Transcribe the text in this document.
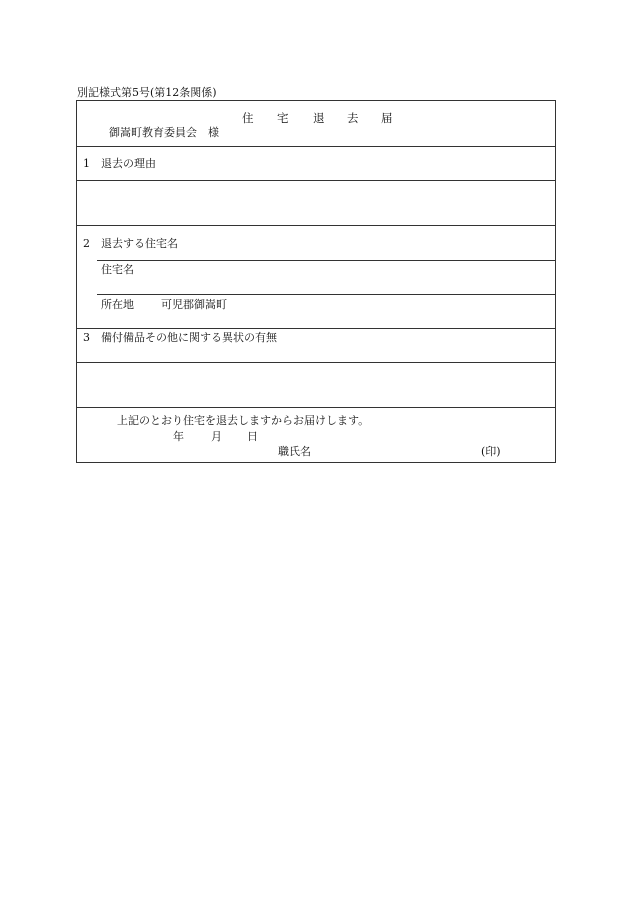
別記様式第5号(第12条関係)
住 宅 退 去 届
御嵩町教育委員会　様
1 退去の理由
2 退去する住宅名
住宅名
所在地 可児郡御嵩町
3 備付備品その他に関する異状の有無
上記のとおり住宅を退去しますからお届けします。
年 月 日
職氏名	(印)
